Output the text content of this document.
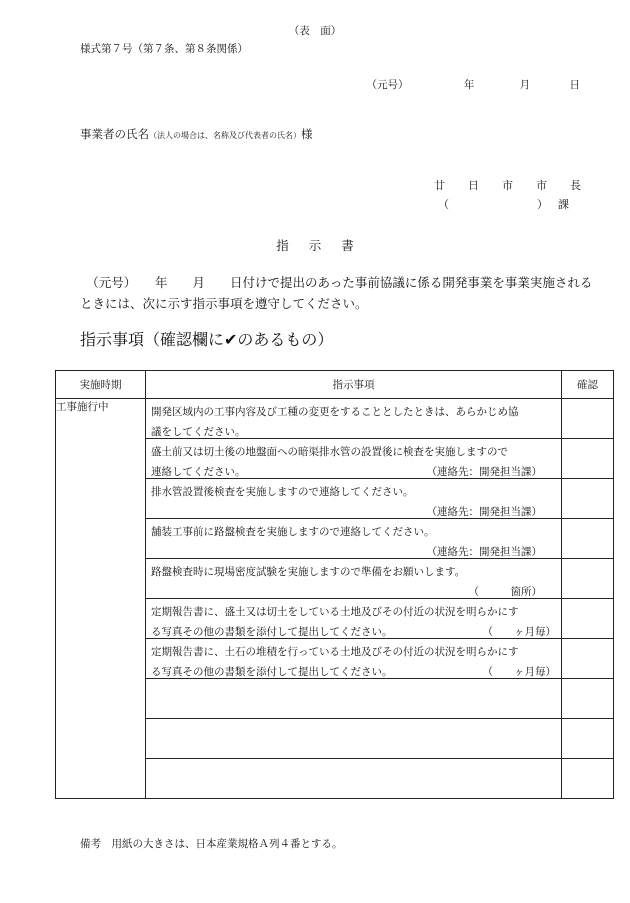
（表　面）
様式第７号（第７条、第８条関係）
（元号）	年	月	日
事業者の氏名（法人の場合は、名称及び代表者の氏名）様
廿 日 市 市 長
（	） 課
指示書
　（元号）　　年　　月　　日付けで提出のあった事前協議に係る開発事業を事業実施されるときには、次に示す指示事項を遵守してください。
指示事項（確認欄に✔のあるもの）
実施時期	指示事項	確認
工事施行中	開発区域内の工事内容及び工種の変更をすることとしたときは、あらかじめ協
議をしてください。	

	盛土前又は切土後の地盤面への暗渠排水管の設置後に検査を実施しますので
連絡してください。 （連絡先：開発担当課）	

	排水管設置後検査を実施しますので連絡してください。
（連絡先：開発担当課）	

	舗装工事前に路盤検査を実施しますので連絡してください。
（連絡先：開発担当課）	

	路盤検査時に現場密度試験を実施しますので準備をお願いします。
（　　　箇所）	

	定期報告書に、盛土又は切土をしている土地及びその付近の状況を明らかにす
る写真その他の書類を添付して提出してください。 （　　ヶ月毎）	

	定期報告書に、土石の堆積を行っている土地及びその付近の状況を明らかにす
る写真その他の書類を添付して提出してください。 （　　ヶ月毎）	

備考　用紙の大きさは、日本産業規格Ａ列４番とする。
